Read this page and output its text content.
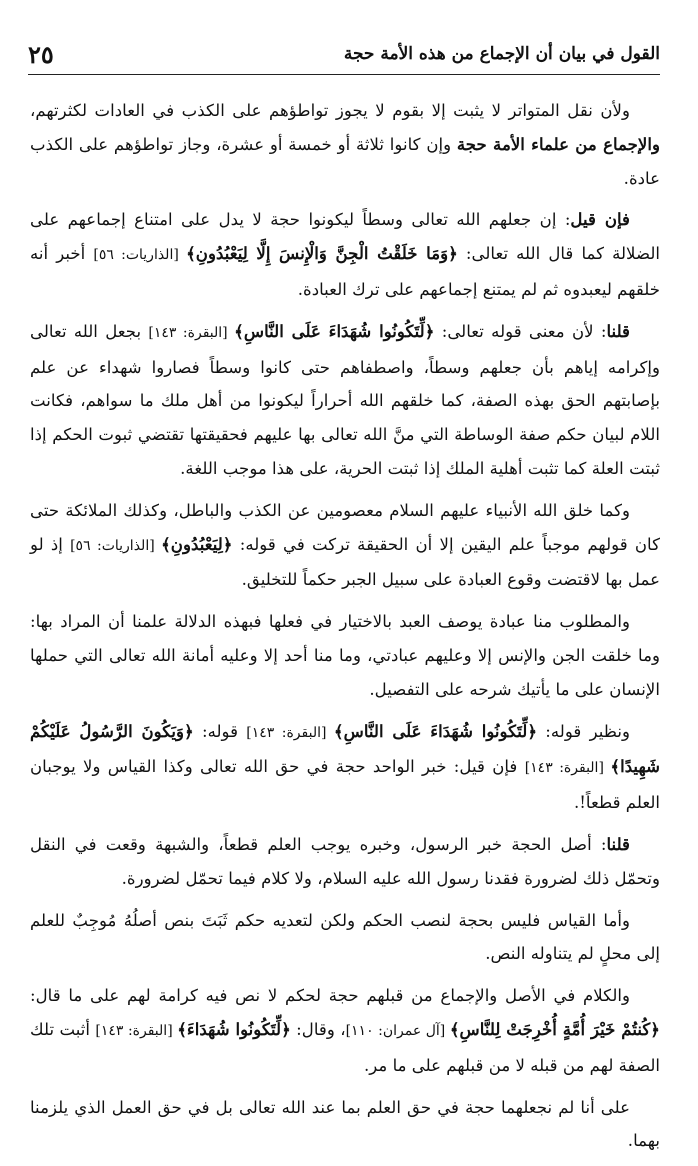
القول في بيان أن الإجماع من هذه الأمة حجة
٢٥

ولأن نقل المتواتر لا يثبت إلا بقوم لا يجوز تواطؤهم على الكذب في العادات لكثرتهم، والإجماع من علماء الأمة حجة وإن كانوا ثلاثة أو خمسة أو عشرة، وجاز تواطؤهم على الكذب عادة.

فإن قيل: إن جعلهم الله تعالى وسطاً ليكونوا حجة لا يدل على امتناع إجماعهم على الضلالة كما قال الله تعالى: ﴿وَمَا خَلَقْتُ الْجِنَّ وَالْإِنسَ إِلَّا لِيَعْبُدُونِ﴾ [الذاريات: ٥٦] أخبر أنه خلقهم ليعبدوه ثم لم يمتنع إجماعهم على ترك العبادة.

قلنا: لأن معنى قوله تعالى: ﴿لِّتَكُونُوا شُهَدَاءَ عَلَى النَّاسِ﴾ [البقرة: ١٤٣] بجعل الله تعالى وإكرامه إياهم بأن جعلهم وسطاً، واصطفاهم حتى كانوا وسطاً فصاروا شهداء عن علم بإصابتهم الحق بهذه الصفة، كما خلقهم الله أحراراً ليكونوا من أهل ملك ما سواهم، فكانت اللام لبيان حكم صفة الوساطة التي منَّ الله تعالى بها عليهم فحقيقتها تقتضي ثبوت الحكم إذا ثبتت العلة كما تثبت أهلية الملك إذا ثبتت الحرية، على هذا موجب اللغة.

وكما خلق الله الأنبياء عليهم السلام معصومين عن الكذب والباطل، وكذلك الملائكة حتى كان قولهم موجباً علم اليقين إلا أن الحقيقة تركت في قوله: ﴿لِيَعْبُدُونِ﴾ [الذاريات: ٥٦] إذ لو عمل بها لاقتضت وقوع العبادة على سبيل الجبر حكماً للتخليق.

والمطلوب منا عبادة يوصف العبد بالاختيار في فعلها فبهذه الدلالة علمنا أن المراد بها: وما خلقت الجن والإنس إلا وعليهم عبادتي، وما منا أحد إلا وعليه أمانة الله تعالى التي حملها الإنسان على ما يأتيك شرحه على التفصيل.

ونظير قوله: ﴿لِّتَكُونُوا شُهَدَاءَ عَلَى النَّاسِ﴾ [البقرة: ١٤٣] قوله: ﴿وَيَكُونَ الرَّسُولُ عَلَيْكُمْ شَهِيدًا﴾ [البقرة: ١٤٣] فإن قيل: خبر الواحد حجة في حق الله تعالى وكذا القياس ولا يوجبان العلم قطعاً!.

قلنا: أصل الحجة خبر الرسول، وخبره يوجب العلم قطعاً، والشبهة وقعت في النقل وتحمّل ذلك لضرورة فقدنا رسول الله عليه السلام، ولا كلام فيما تحمّل لضرورة.

وأما القياس فليس بحجة لنصب الحكم ولكن لتعديه حكم ثَبَتَ بنص أصلُهُ مُوجِبٌ للعلم إلى محلٍ لم يتناوله النص.

والكلام في الأصل والإجماع من قبلهم حجة لحكم لا نص فيه كرامة لهم على ما قال: ﴿كُنتُمْ خَيْرَ أُمَّةٍ أُخْرِجَتْ لِلنَّاسِ﴾ [آل عمران: ١١٠]، وقال: ﴿لِّتَكُونُوا شُهَدَاءَ﴾ [البقرة: ١٤٣] أثبت تلك الصفة لهم من قبله لا من قبلهم على ما مر.

على أنا لم نجعلهما حجة في حق العلم بما عند الله تعالى بل في حق العمل الذي يلزمنا بهما.
